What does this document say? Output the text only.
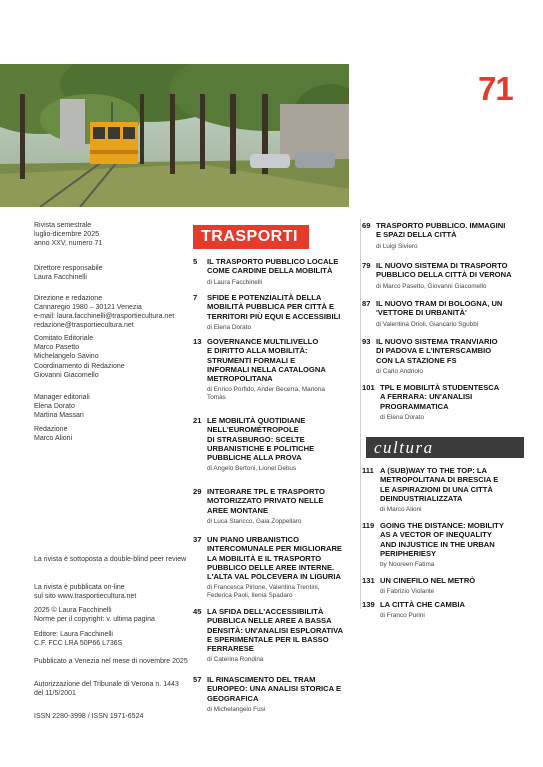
71
Rivista semestrale
luglio-dicembre 2025
anno XXV, numero 71
Direttore responsabile
Laura Facchinelli
Direzione e redazione
Cannaregio 1980 – 30121 Venezia
e-mail: laura.facchinelli@trasportiecultura.net
redazione@trasportiecultura.net
Comitato Editoriale
Marco Pasetto
Michelangelo Savino
Coordinamento di Redazione
Giovanni Giacomello
Manager editoriali
Elena Dorato
Martina Massari
Redazione
Marco Alioni
La rivista è sottoposta a double-blind peer review
La rivista è pubblicata on-line
sul sito www.trasportiecultura.net
2025 © Laura Facchinelli
Norme per il copyright: v. ultima pagina
Editore: Laura Facchinelli
C.F. FCC LRA 50P66 L736S
Pubblicato a Venezia nel mese di novembre 2025
Autorizzazione del Tribunale di Verona n. 1443
del 11/5/2001
ISSN 2280-3998 / ISSN 1971-6524
TRASPORTI
cultura
5 IL TRASPORTO PUBBLICO LOCALE
COME CARDINE DELLA MOBILITÀ
di Laura Facchinelli
7 SFIDE E POTENZIALITÀ DELLA
MOBILITÀ PUBBLICA PER CITTÀ E
TERRITORI PIÙ EQUI E ACCESSIBILI
di Elena Dorato
13 GOVERNANCE MULTILIVELLO
E DIRITTO ALLA MOBILITÀ:
STRUMENTI FORMALI E
INFORMALI NELLA CATALOGNA
METROPOLITANA
di Enrico Porfido, Ander Becerra, Mariona
Tomàs
21 LE MOBILITÀ QUOTIDIANE
NELL'EUROMÉTROPOLE
DI STRASBURGO: SCELTE
URBANISTICHE E POLITICHE
PUBBLICHE ALLA PROVA
di Angelo Bertoni, Lionel Debus
29 INTEGRARE TPL E TRASPORTO
MOTORIZZATO PRIVATO NELLE
AREE MONTANE
di Luca Staricco, Gaia Zoppellaro
37 UN PIANO URBANISTICO
INTERCOMUNALE PER MIGLIORARE
LA MOBILITÀ E IL TRASPORTO
PUBBLICO DELLE AREE INTERNE.
L'ALTA VAL POLCEVERA IN LIGURIA
di Francesca Pirlone, Valentina Trentini,
Federica Paoli, Ilenia Spadaro
45 LA SFIDA DELL'ACCESSIBILITÀ
PUBBLICA NELLE AREE A BASSA
DENSITÀ: UN'ANALISI ESPLORATIVA
E SPERIMENTALE PER IL BASSO
FERRARESE
di Caterina Rondina
57 IL RINASCIMENTO DEL TRAM
EUROPEO: UNA ANALISI STORICA E
GEOGRAFICA
di Michelangelo Fusi
69 TRASPORTO PUBBLICO. IMMAGINI
E SPAZI DELLA CITTÀ
di Luigi Siviero
79 IL NUOVO SISTEMA DI TRASPORTO
PUBBLICO DELLA CITTÀ DI VERONA
di Marco Pasetto, Giovanni Giacomello
87 IL NUOVO TRAM DI BOLOGNA, UN
'VETTORE DI URBANITÀ'
di Valentina Orioli, Giancarlo Sgubbi
93 IL NUOVO SISTEMA TRANVIARIO
DI PADOVA E L'INTERSCAMBIO
CON LA STAZIONE FS
di Carlo Andriolo
101 TPL E MOBILITÀ STUDENTESCA
A FERRARA: UN'ANALISI
PROGRAMMATICA
di Elena Dorato
111 A (SUB)WAY TO THE TOP: LA
METROPOLITANA DI BRESCIA E
LE ASPIRAZIONI DI UNA CITTÀ
DEINDUSTRIALIZZATA
di Marco Alioni
119 GOING THE DISTANCE: MOBILITY
AS A VECTOR OF INEQUALITY
AND INJUSTICE IN THE URBAN
PERIPHERIESY
by Nooreen Fatima
131 UN CINEFILO NEL METRÒ
di Fabrizio Violante
139 LA CITTÀ CHE CAMBIA
di Franco Purini
